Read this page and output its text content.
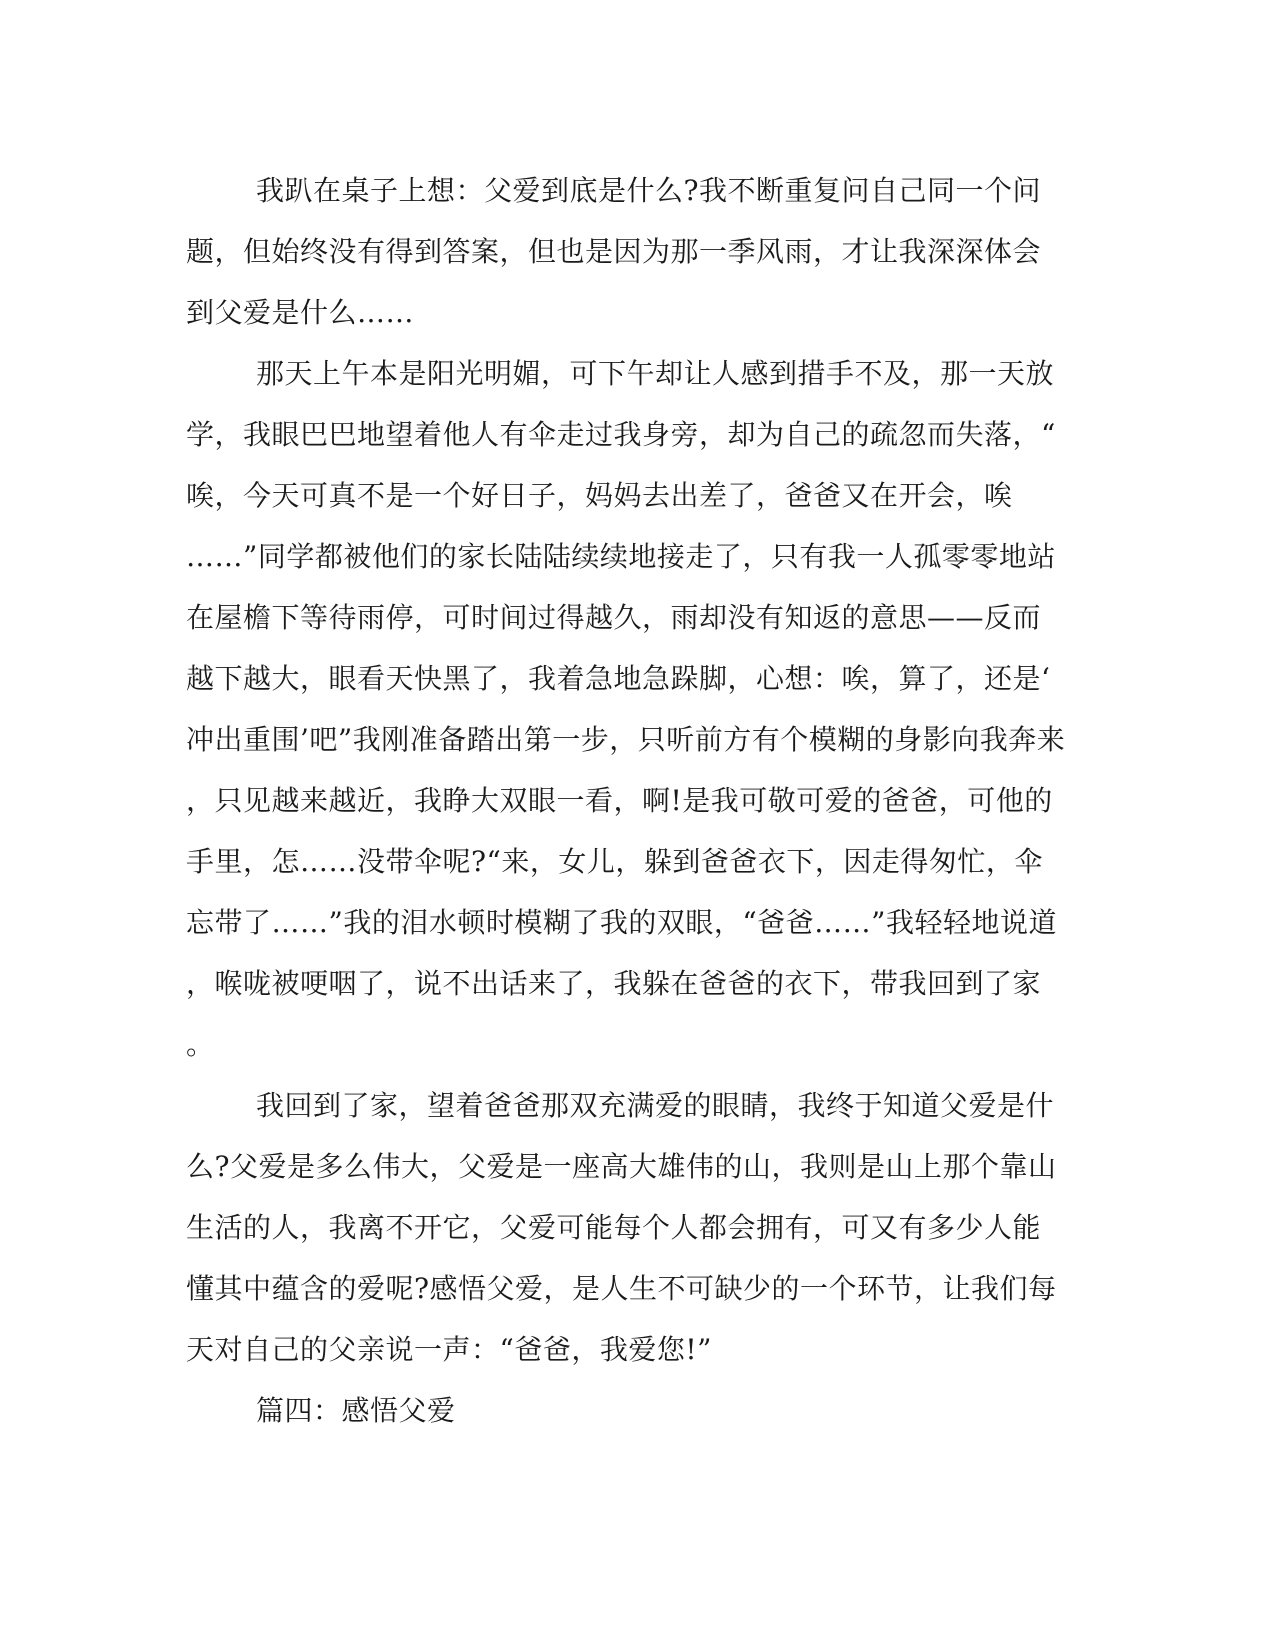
我趴在桌子上想：父爱到底是什么?我不断重复问自己同一个问
题，但始终没有得到答案，但也是因为那一季风雨，才让我深深体会
到父爱是什么……

那天上午本是阳光明媚，可下午却让人感到措手不及，那一天放
学，我眼巴巴地望着他人有伞走过我身旁，却为自己的疏忽而失落，“
唉，今天可真不是一个好日子，妈妈去出差了，爸爸又在开会，唉
……”同学都被他们的家长陆陆续续地接走了，只有我一人孤零零地站
在屋檐下等待雨停，可时间过得越久，雨却没有知返的意思——反而
越下越大，眼看天快黑了，我着急地急跺脚，心想：唉，算了，还是‘
冲出重围’吧”我刚准备踏出第一步，只听前方有个模糊的身影向我奔来
，只见越来越近，我睁大双眼一看，啊!是我可敬可爱的爸爸，可他的
手里，怎……没带伞呢?“来，女儿，躲到爸爸衣下，因走得匆忙，伞
忘带了……”我的泪水顿时模糊了我的双眼，“爸爸……”我轻轻地说道
，喉咙被哽咽了，说不出话来了，我躲在爸爸的衣下，带我回到了家
。

我回到了家，望着爸爸那双充满爱的眼睛，我终于知道父爱是什
么?父爱是多么伟大，父爱是一座高大雄伟的山，我则是山上那个靠山
生活的人，我离不开它，父爱可能每个人都会拥有，可又有多少人能
懂其中蕴含的爱呢?感悟父爱，是人生不可缺少的一个环节，让我们每
天对自己的父亲说一声：“爸爸，我爱您!”

篇四：感悟父爱
